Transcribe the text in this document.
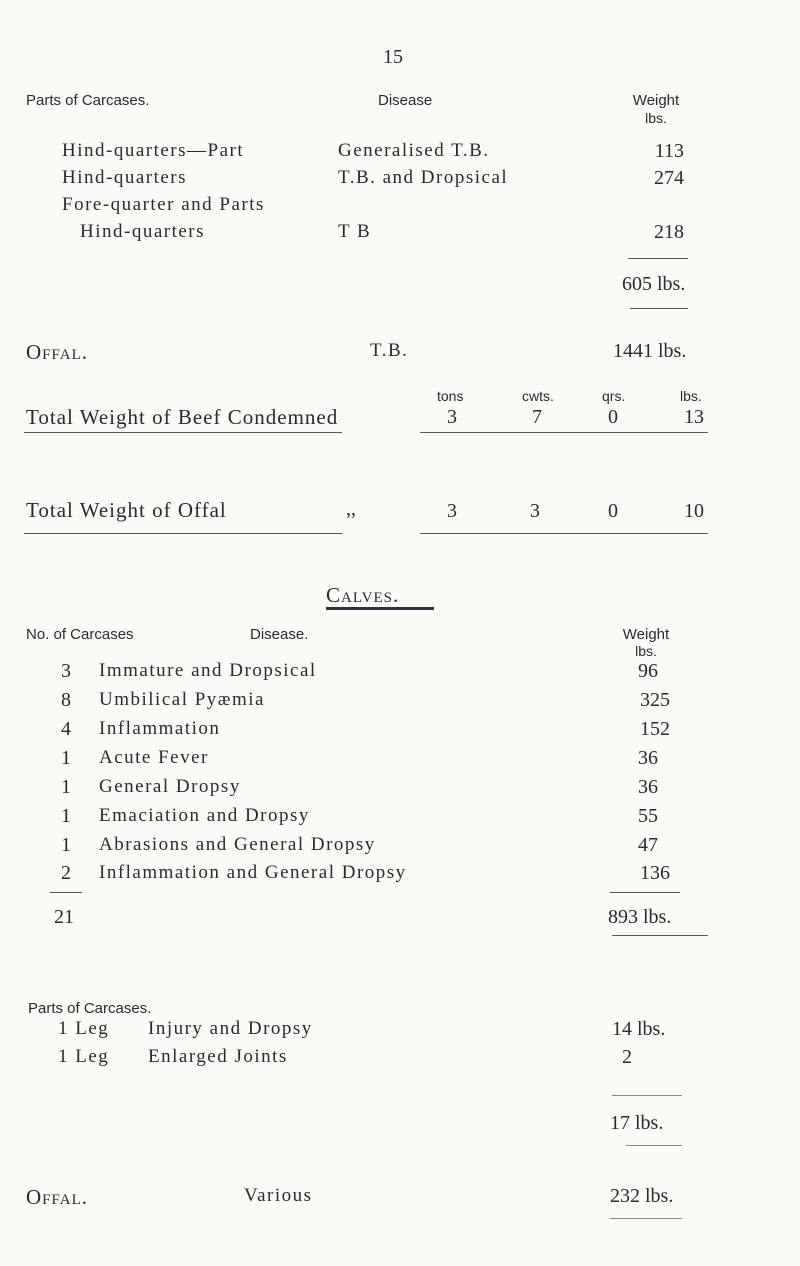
15
Parts of Carcases.	Disease	Weight
lbs.
Hind-quarters—Part	Generalised T.B.	113
Hind-quarters	T.B. and Dropsical	274
Fore-quarter and Parts
Hind-quarters	T B	218
605 lbs.
Offal.	T.B.	1441 lbs.
tons	cwts.	qrs.	lbs.
Total Weight of Beef Condemned	3	7	0	13
Total Weight of Offal	,,	3	3	0	10
Calves.
No. of Carcases	Disease.	Weight
lbs.
3 Immature and Dropsical	96
8 Umbilical Pyæmia	325
4 Inflammation	152
1 Acute Fever	36
1 General Dropsy	36
1 Emaciation and Dropsy	55
1 Abrasions and General Dropsy	47
2 Inflammation and General Dropsy	136
21	893 lbs.
Parts of Carcases.
1 Leg Injury and Dropsy	14 lbs.
1 Leg Enlarged Joints	2
17 lbs.
Offal.	Various	232 lbs.
